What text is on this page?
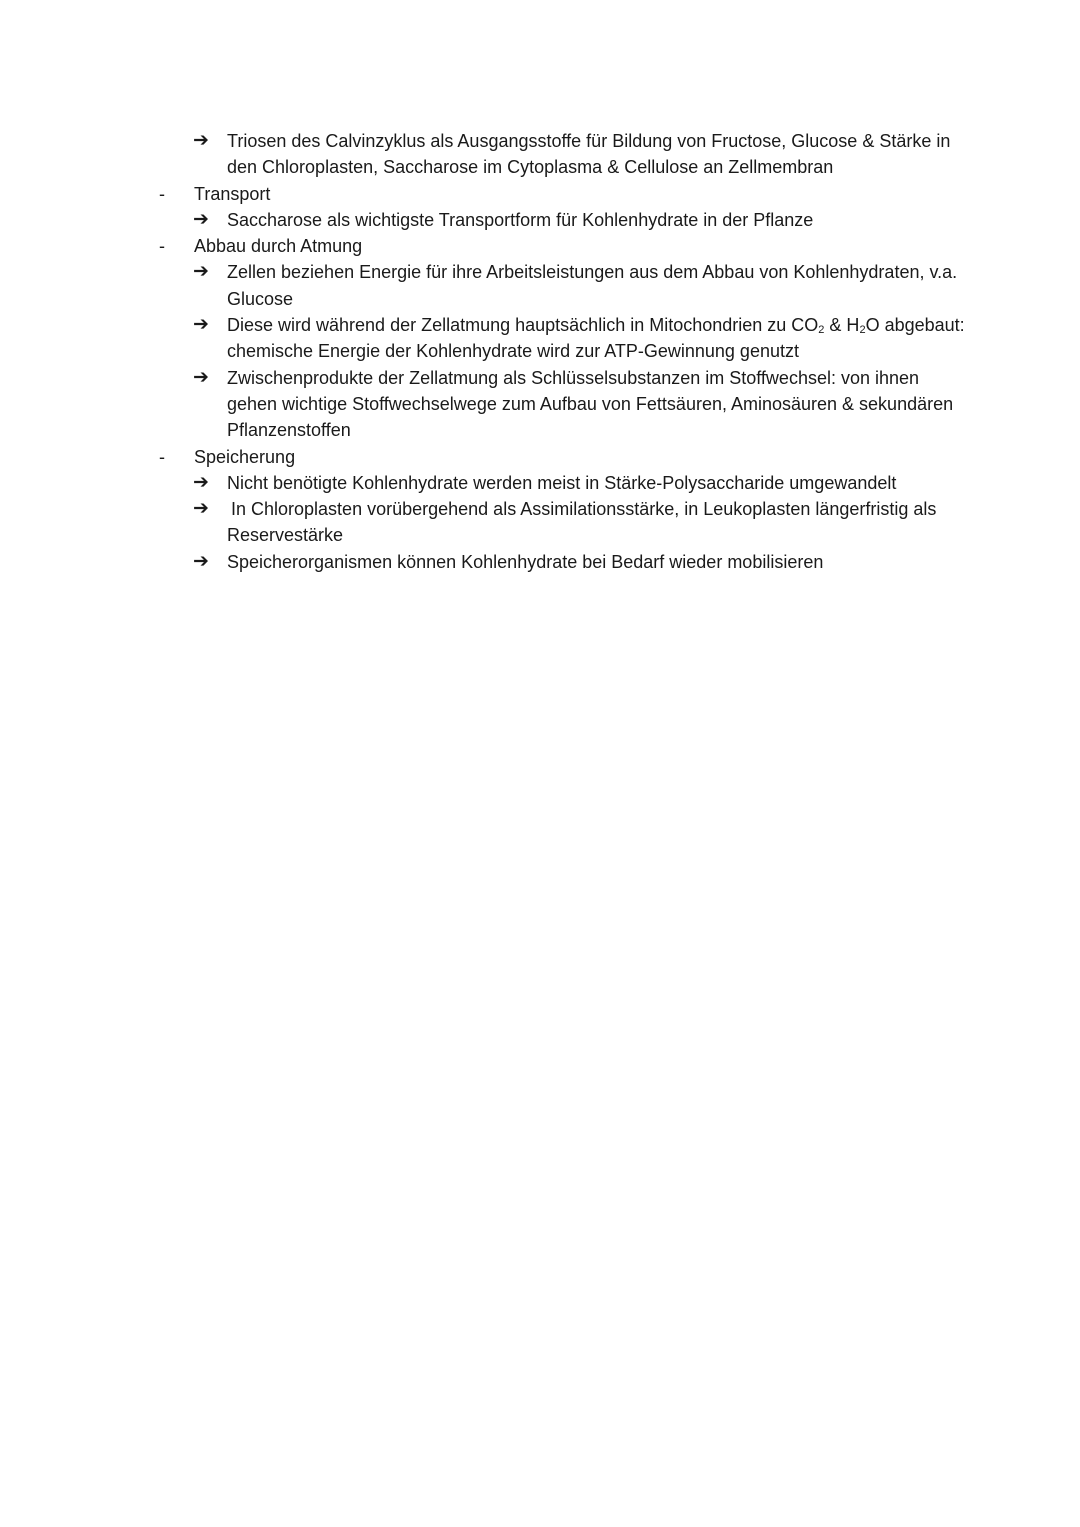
➔ Triosen des Calvinzyklus als Ausgangsstoffe für Bildung von Fructose, Glucose & Stärke in den Chloroplasten, Saccharose im Cytoplasma & Cellulose an Zellmembran
- Transport
➔ Saccharose als wichtigste Transportform für Kohlenhydrate in der Pflanze
- Abbau durch Atmung
➔ Zellen beziehen Energie für ihre Arbeitsleistungen aus dem Abbau von Kohlenhydraten, v.a. Glucose
➔ Diese wird während der Zellatmung hauptsächlich in Mitochondrien zu $CO_2$ & $H_2O$ abgebaut: chemische Energie der Kohlenhydrate wird zur ATP-Gewinnung genutzt
➔ Zwischenprodukte der Zellatmung als Schlüsselsubstanzen im Stoffwechsel: von ihnen gehen wichtige Stoffwechselwege zum Aufbau von Fettsäuren, Aminosäuren & sekundären Pflanzenstoffen
- Speicherung
➔ Nicht benötigte Kohlenhydrate werden meist in Stärke-Polysaccharide umgewandelt
➔ In Chloroplasten vorübergehend als Assimilationsstärke, in Leukoplasten längerfristig als Reservestärke
➔ Speicherorganismen können Kohlenhydrate bei Bedarf wieder mobilisieren
